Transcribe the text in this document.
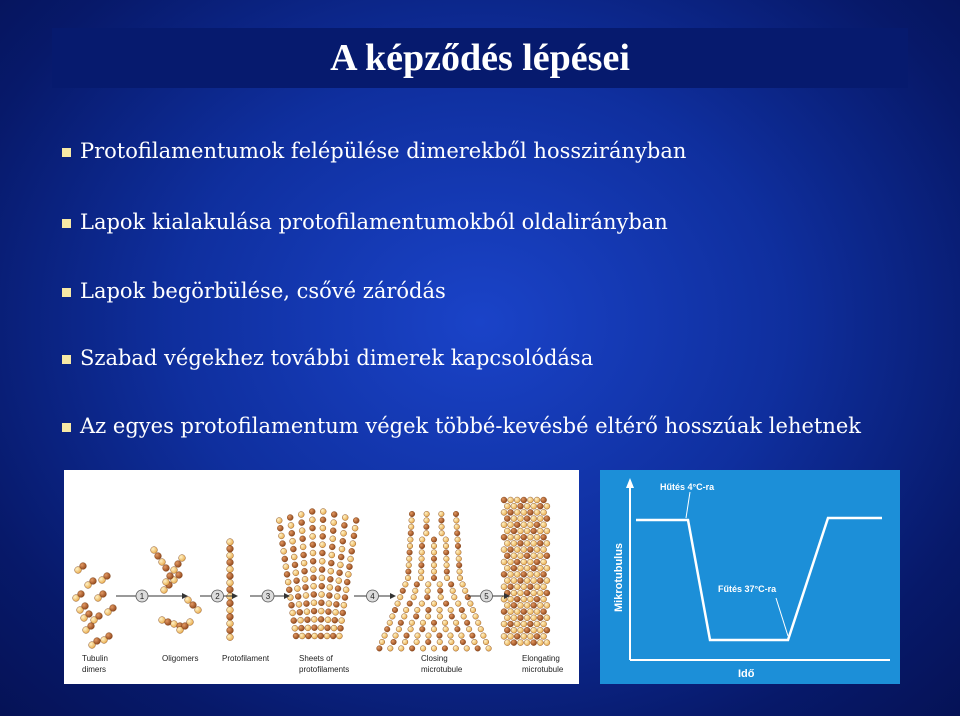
A képződés lépései
Protofilamentumok felépülése dimerekből hosszirányban
Lapok kialakulása protofilamentumokból oldalirányban
Lapok begörbülése, csővé záródás
Szabad végekhez további dimerek kapcsolódása
Az egyes protofilamentum végek többé-kevésbé eltérő hosszúak lehetnek
1	2	3	4	5
Tubulin
dimers
Oligomers	Protofilament	Sheets of
protofilaments
Closing
microtubule
Elongating
microtubule
Hűtés 4°C-ra
Fűtés 37°C-ra
Mikrotubulus
Idő
